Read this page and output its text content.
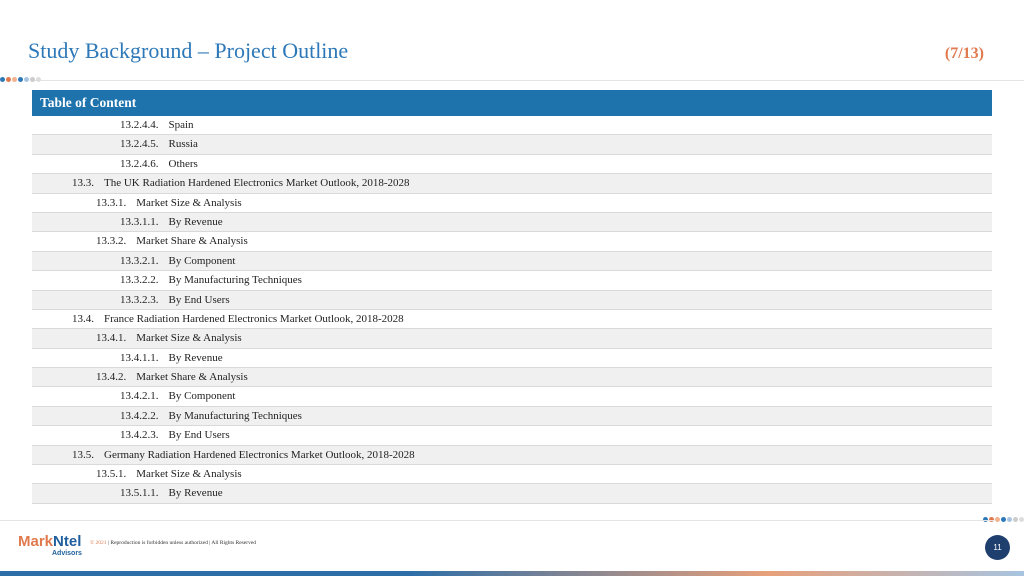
Study Background – Project Outline	(7/13)
Table of Content
13.2.4.4. Spain
13.2.4.5. Russia
13.2.4.6. Others
13.3. The UK Radiation Hardened Electronics Market Outlook, 2018-2028
13.3.1. Market Size & Analysis
13.3.1.1. By Revenue
13.3.2. Market Share & Analysis
13.3.2.1. By Component
13.3.2.2. By Manufacturing Techniques
13.3.2.3. By End Users
13.4. France Radiation Hardened Electronics Market Outlook, 2018-2028
13.4.1. Market Size & Analysis
13.4.1.1. By Revenue
13.4.2. Market Share & Analysis
13.4.2.1. By Component
13.4.2.2. By Manufacturing Techniques
13.4.2.3. By End Users
13.5. Germany Radiation Hardened Electronics Market Outlook, 2018-2028
13.5.1. Market Size & Analysis
13.5.1.1. By Revenue
MarkNtel
Advisors
© 2021 | Reproduction is forbidden unless authorized | All Rights Reserved	11
